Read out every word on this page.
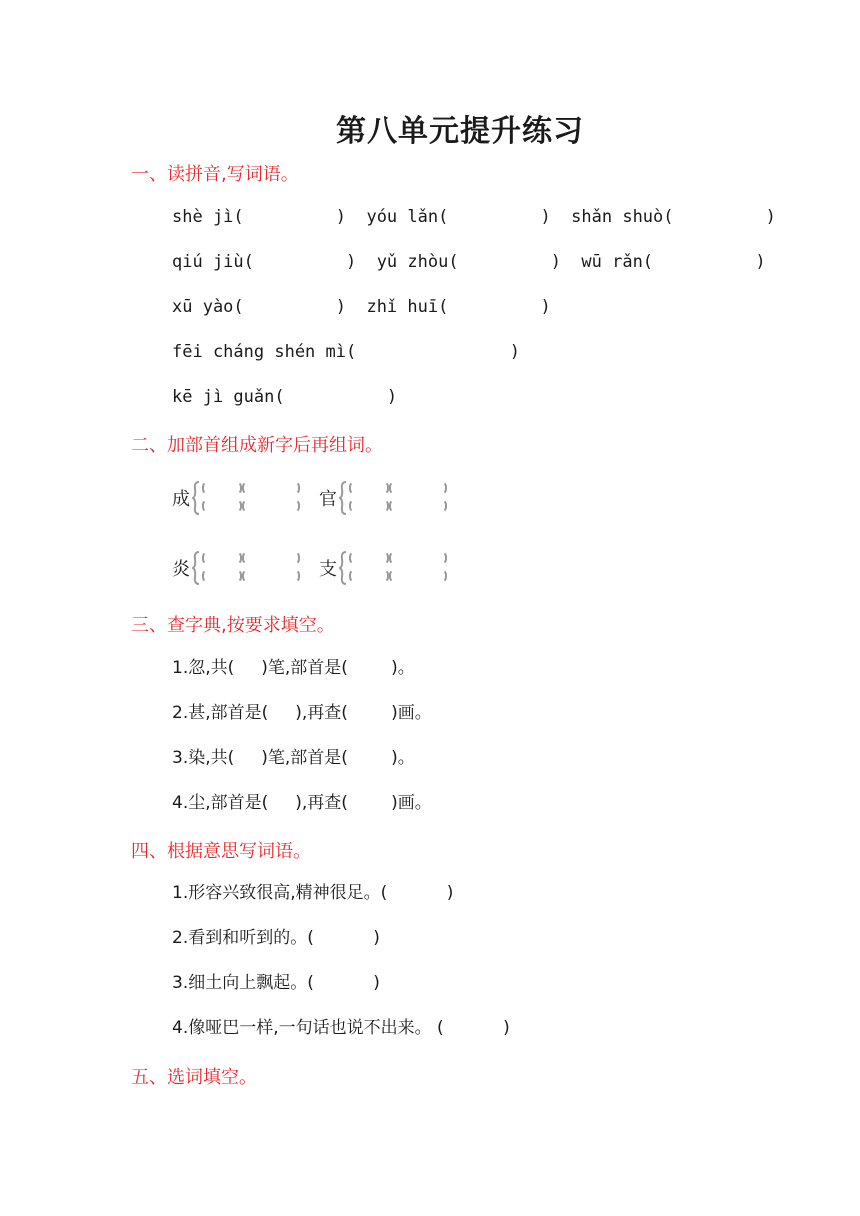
第八单元提升练习
一、读拼音,写词语。
shè jì(         )  yóu lǎn(         )  shǎn shuò(         )
qiú jiù(         )  yǔ zhòu(         )  wū rǎn(          )
xū yào(         )  zhǐ huī(         )
fēi cháng shén mì(               )
kē jì guǎn(          )
二、加部首组成新字后再组词。
成	官
炎	支
三、查字典,按要求填空。
1.忽,共(     )笔,部首是(        )。
2.甚,部首是(     ),再查(        )画。
3.染,共(     )笔,部首是(        )。
4.尘,部首是(     ),再查(        )画。
四、根据意思写词语。
1.形容兴致很高,精神很足。(           )
2.看到和听到的。(           )
3.细土向上飘起。(           )
4.像哑巴一样,一句话也说不出来。 (           )
五、选词填空。
